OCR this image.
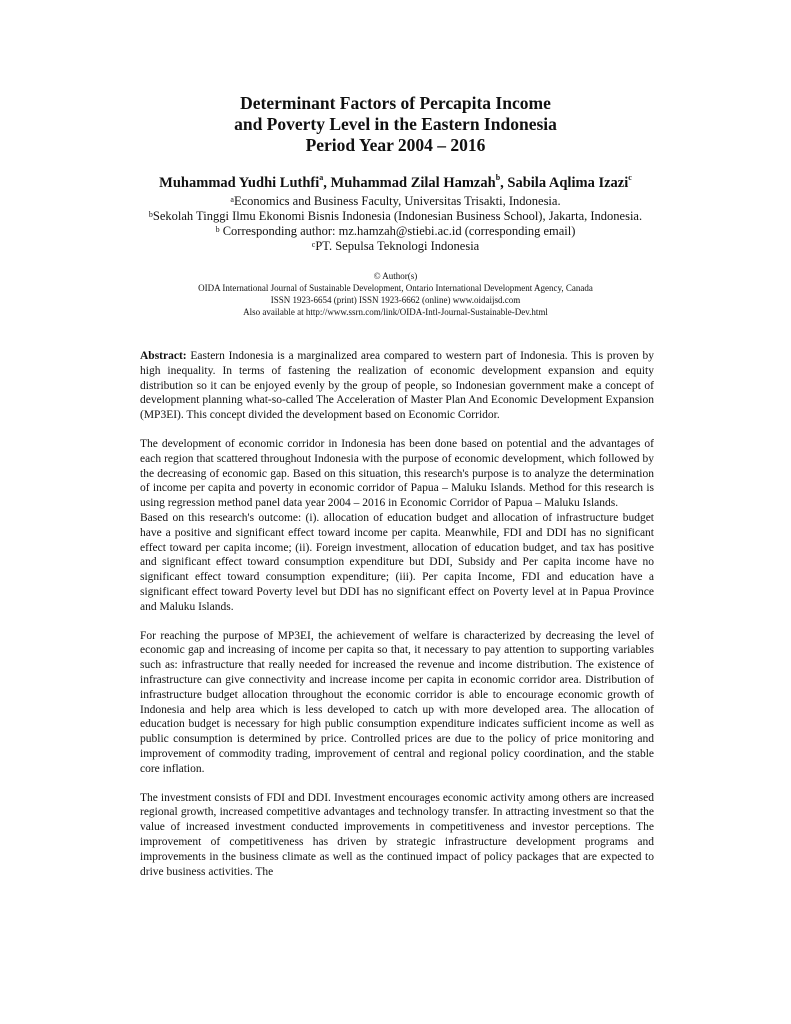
Determinant Factors of Percapita Income
and Poverty Level in the Eastern Indonesia
Period Year 2004 – 2016
Muhammad Yudhi Luthfi$^a$, Muhammad Zilal Hamzah$^b$, Sabila Aqlima Izazi$^c$
$^a$Economics and Business Faculty, Universitas Trisakti, Indonesia.
$^b$Sekolah Tinggi Ilmu Ekonomi Bisnis Indonesia (Indonesian Business School), Jakarta, Indonesia.
$^b$ Corresponding author: mz.hamzah@stiebi.ac.id (corresponding email)
$^c$PT. Sepulsa Teknologi Indonesia
© Author(s)
OIDA International Journal of Sustainable Development, Ontario International Development Agency, Canada
ISSN 1923-6654 (print) ISSN 1923-6662 (online) www.oidaijsd.com
Also available at http://www.ssrn.com/link/OIDA-Intl-Journal-Sustainable-Dev.html

Abstract: Eastern Indonesia is a marginalized area compared to western part of Indonesia. This is proven by high inequality. In terms of fastening the realization of economic development expansion and equity distribution so it can be enjoyed evenly by the group of people, so Indonesian government make a concept of development planning what-so-called The Acceleration of Master Plan And Economic Development Expansion (MP3EI). This concept divided the development based on Economic Corridor.

The development of economic corridor in Indonesia has been done based on potential and the advantages of each region that scattered throughout Indonesia with the purpose of economic development, which followed by the decreasing of economic gap. Based on this situation, this research's purpose is to analyze the determination of income per capita and poverty in economic corridor of Papua – Maluku Islands. Method for this research is using regression method panel data year 2004 – 2016 in Economic Corridor of Papua – Maluku Islands.

Based on this research's outcome: (i). allocation of education budget and allocation of infrastructure budget have a positive and significant effect toward income per capita. Meanwhile, FDI and DDI has no significant effect toward per capita income; (ii). Foreign investment, allocation of education budget, and tax has positive and significant effect toward consumption expenditure but DDI, Subsidy and Per capita income have no significant effect toward consumption expenditure; (iii). Per capita Income, FDI and education have a significant effect toward Poverty level but DDI has no significant effect on Poverty level at in Papua Province and Maluku Islands.

For reaching the purpose of MP3EI, the achievement of welfare is characterized by decreasing the level of economic gap and increasing of income per capita so that, it necessary to pay attention to supporting variables such as: infrastructure that really needed for increased the revenue and income distribution. The existence of infrastructure can give connectivity and increase income per capita in economic corridor area. Distribution of infrastructure budget allocation throughout the economic corridor is able to encourage economic growth of Indonesia and help area which is less developed to catch up with more developed area. The allocation of education budget is necessary for high public consumption expenditure indicates sufficient income as well as public consumption is determined by price. Controlled prices are due to the policy of price monitoring and improvement of commodity trading, improvement of central and regional policy coordination, and the stable core inflation.

The investment consists of FDI and DDI. Investment encourages economic activity among others are increased regional growth, increased competitive advantages and technology transfer. In attracting investment so that the value of increased investment conducted improvements in competitiveness and investor perceptions. The improvement of competitiveness has driven by strategic infrastructure development programs and improvements in the business climate as well as the continued impact of policy packages that are expected to drive business activities. The
